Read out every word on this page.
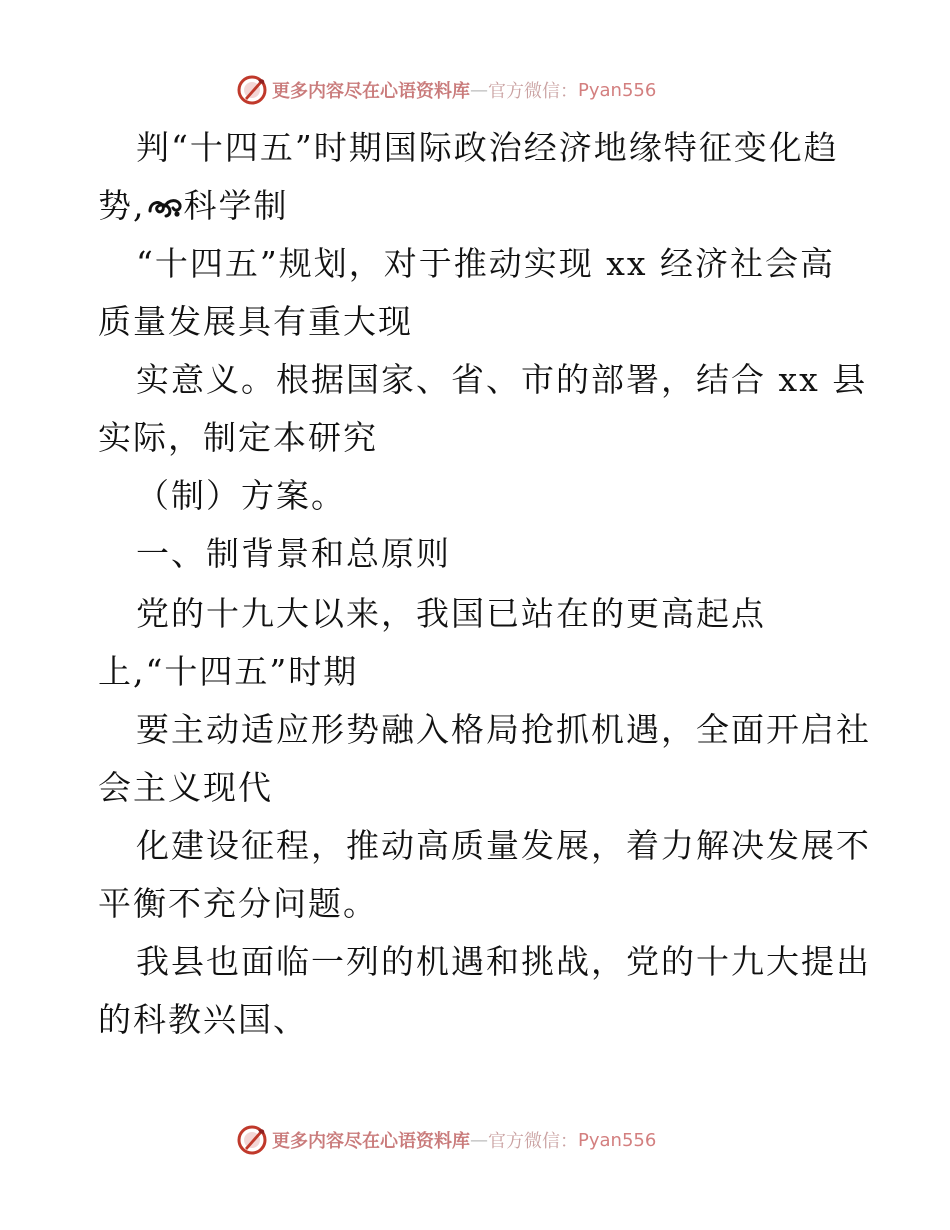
更多内容尽在心语资料库 — 官方微信： Pyan556
判“十四五”时期国际政治经济地缘特征变化趋
势, 科学制
“十四五”规划，对于推动实现 xx 经济社会高
质量发展具有重大现
实意义。根据国家、省、市的部署，结合 xx 县
实际，制定本研究
（制）方案。
一、制背景和总原则
党的十九大以来，我国已站在的更高起点
上,“十四五”时期
要主动适应形势融入格局抢抓机遇，全面开启社
会主义现代
化建设征程，推动高质量发展，着力解决发展不
平衡不充分问题。
我县也面临一列的机遇和挑战，党的十九大提出
的科教兴国、
更多内容尽在心语资料库 — 官方微信： Pyan556
